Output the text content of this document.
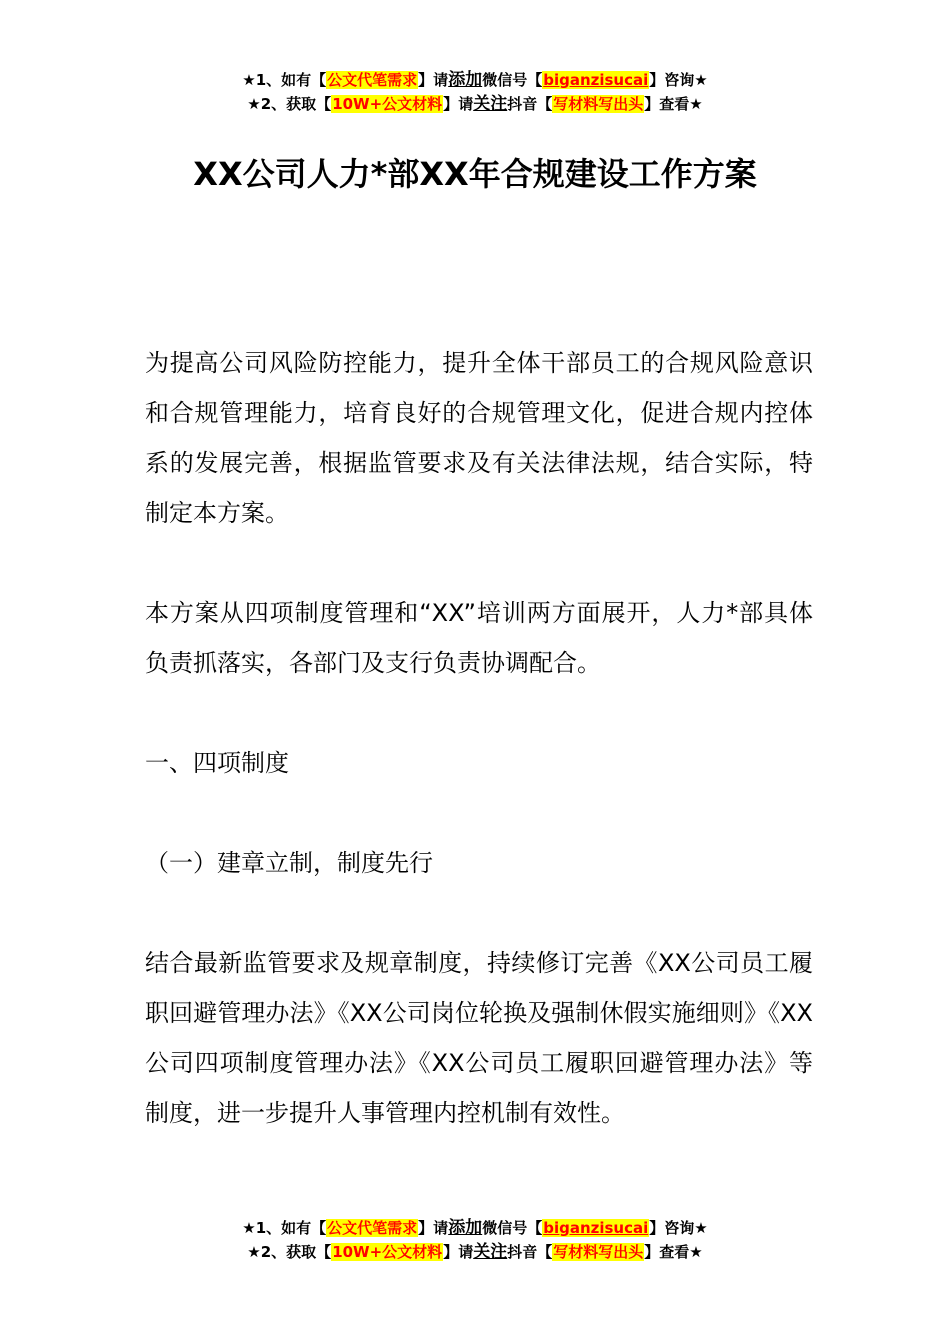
★1、如有【公文代笔需求】请添加微信号【biganzisucai】咨询★
★2、获取【10W+公文材料】请关注抖音【写材料写出头】查看★
XX公司人力*部XX年合规建设工作方案

为提高公司风险防控能力，提升全体干部员工的合规风险意识和合规管理能力，培育良好的合规管理文化，促进合规内控体系的发展完善，根据监管要求及有关法律法规，结合实际，特制定本方案。

本方案从四项制度管理和“XX”培训两方面展开，人力*部具体负责抓落实，各部门及支行负责协调配合。

一、四项制度

（一）建章立制，制度先行

结合最新监管要求及规章制度，持续修订完善《XX公司员工履职回避管理办法》《XX公司岗位轮换及强制休假实施细则》《XX公司四项制度管理办法》《XX公司员工履职回避管理办法》等制度，进一步提升人事管理内控机制有效性。

★1、如有【公文代笔需求】请添加微信号【biganzisucai】咨询★
★2、获取【10W+公文材料】请关注抖音【写材料写出头】查看★
